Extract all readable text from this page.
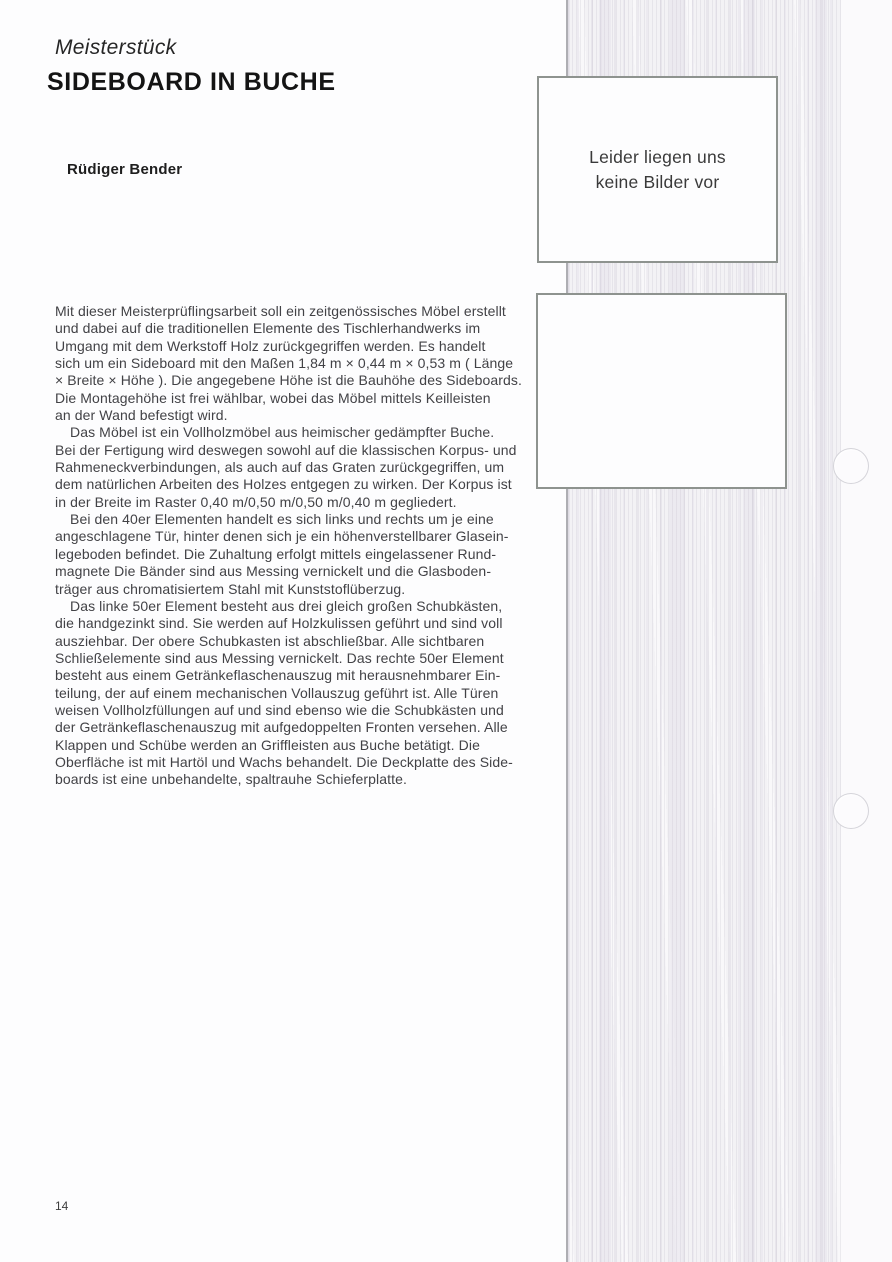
Leider liegen uns
keine Bilder vor
Meisterstück
SIDEBOARD IN BUCHE
Rüdiger Bender
Mit dieser Meisterprüflingsarbeit soll ein zeitgenössisches Möbel erstellt
und dabei auf die traditionellen Elemente des Tischlerhandwerks im
Umgang mit dem Werkstoff Holz zurückgegriffen werden. Es handelt
sich um ein Sideboard mit den Maßen 1,84 m × 0,44 m × 0,53 m ( Länge
× Breite × Höhe ). Die angegebene Höhe ist die Bauhöhe des Sideboards.
Die Montagehöhe ist frei wählbar, wobei das Möbel mittels Keilleisten
an der Wand befestigt wird.
Das Möbel ist ein Vollholzmöbel aus heimischer gedämpfter Buche.
Bei der Fertigung wird deswegen sowohl auf die klassischen Korpus- und
Rahmeneckverbindungen, als auch auf das Graten zurückgegriffen, um
dem natürlichen Arbeiten des Holzes entgegen zu wirken. Der Korpus ist
in der Breite im Raster 0,40 m/0,50 m/0,50 m/0,40 m gegliedert.
Bei den 40er Elementen handelt es sich links und rechts um je eine
angeschlagene Tür, hinter denen sich je ein höhenverstellbarer Glasein-
legeboden befindet. Die Zuhaltung erfolgt mittels eingelassener Rund-
magnete Die Bänder sind aus Messing vernickelt und die Glasboden-
träger aus chromatisiertem Stahl mit Kunststoflüberzug.
Das linke 50er Element besteht aus drei gleich großen Schubkästen,
die handgezinkt sind. Sie werden auf Holzkulissen geführt und sind voll
ausziehbar. Der obere Schubkasten ist abschließbar. Alle sichtbaren
Schließelemente sind aus Messing vernickelt. Das rechte 50er Element
besteht aus einem Getränkeflaschenauszug mit herausnehmbarer Ein-
teilung, der auf einem mechanischen Vollauszug geführt ist. Alle Türen
weisen Vollholzfüllungen auf und sind ebenso wie die Schubkästen und
der Getränkeflaschenauszug mit aufgedoppelten Fronten versehen. Alle
Klappen und Schübe werden an Griffleisten aus Buche betätigt. Die
Oberfläche ist mit Hartöl und Wachs behandelt. Die Deckplatte des Side-
boards ist eine unbehandelte, spaltrauhe Schieferplatte.
14
